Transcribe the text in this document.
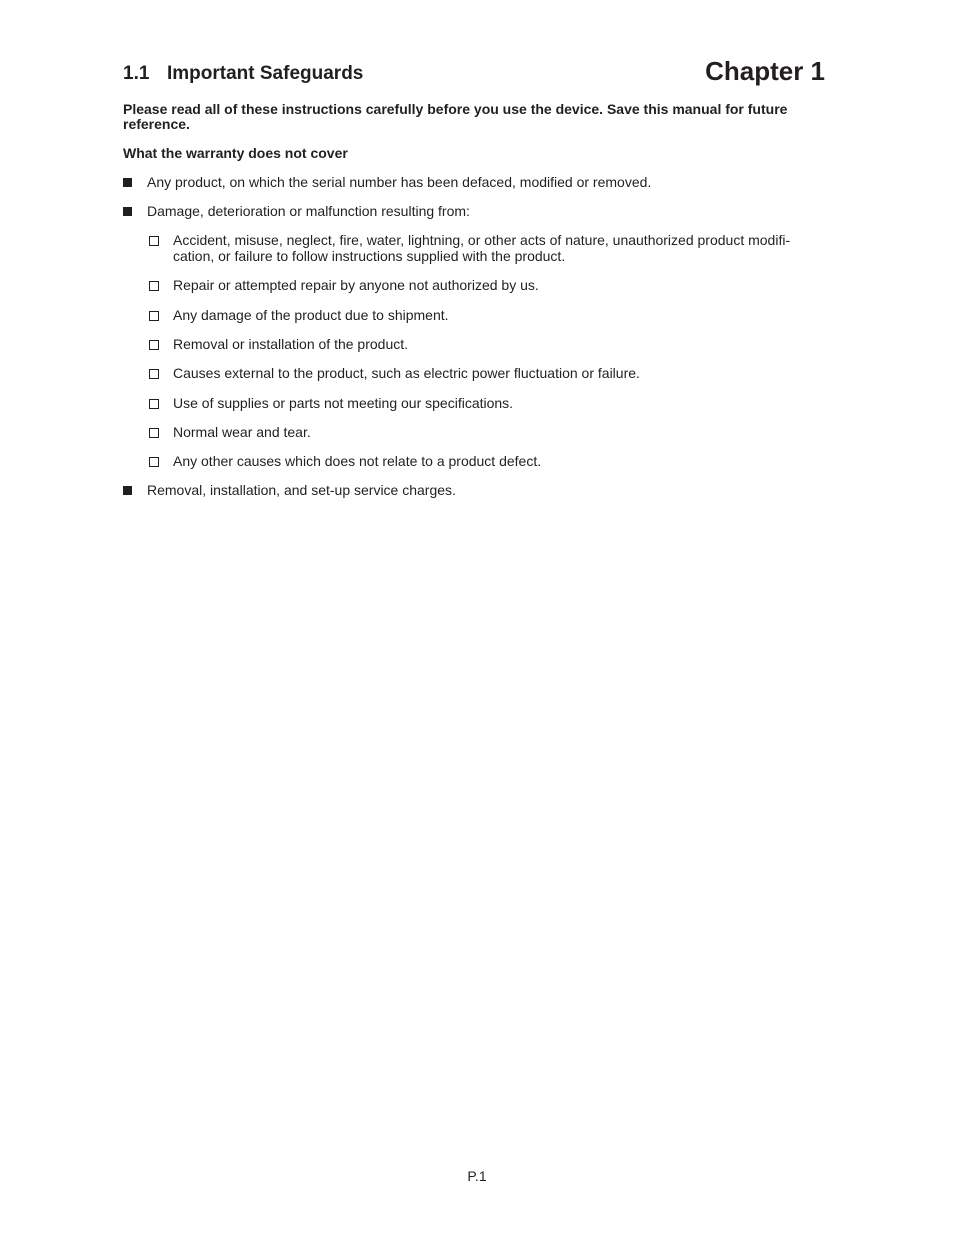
1.1 Important Safeguards	Chapter 1
Please read all of these instructions carefully before you use the device. Save this manual for future reference.
What the warranty does not cover
Any product, on which the serial number has been defaced, modified or removed.
Damage, deterioration or malfunction resulting from:
Accident, misuse, neglect, fire, water, lightning, or other acts of nature, unauthorized product modifi-cation, or failure to follow instructions supplied with the product.
Repair or attempted repair by anyone not authorized by us.
Any damage of the product due to shipment.
Removal or installation of the product.
Causes external to the product, such as electric power fluctuation or failure.
Use of supplies or parts not meeting our specifications.
Normal wear and tear.
Any other causes which does not relate to a product defect.
Removal, installation, and set-up service charges.
P.1
